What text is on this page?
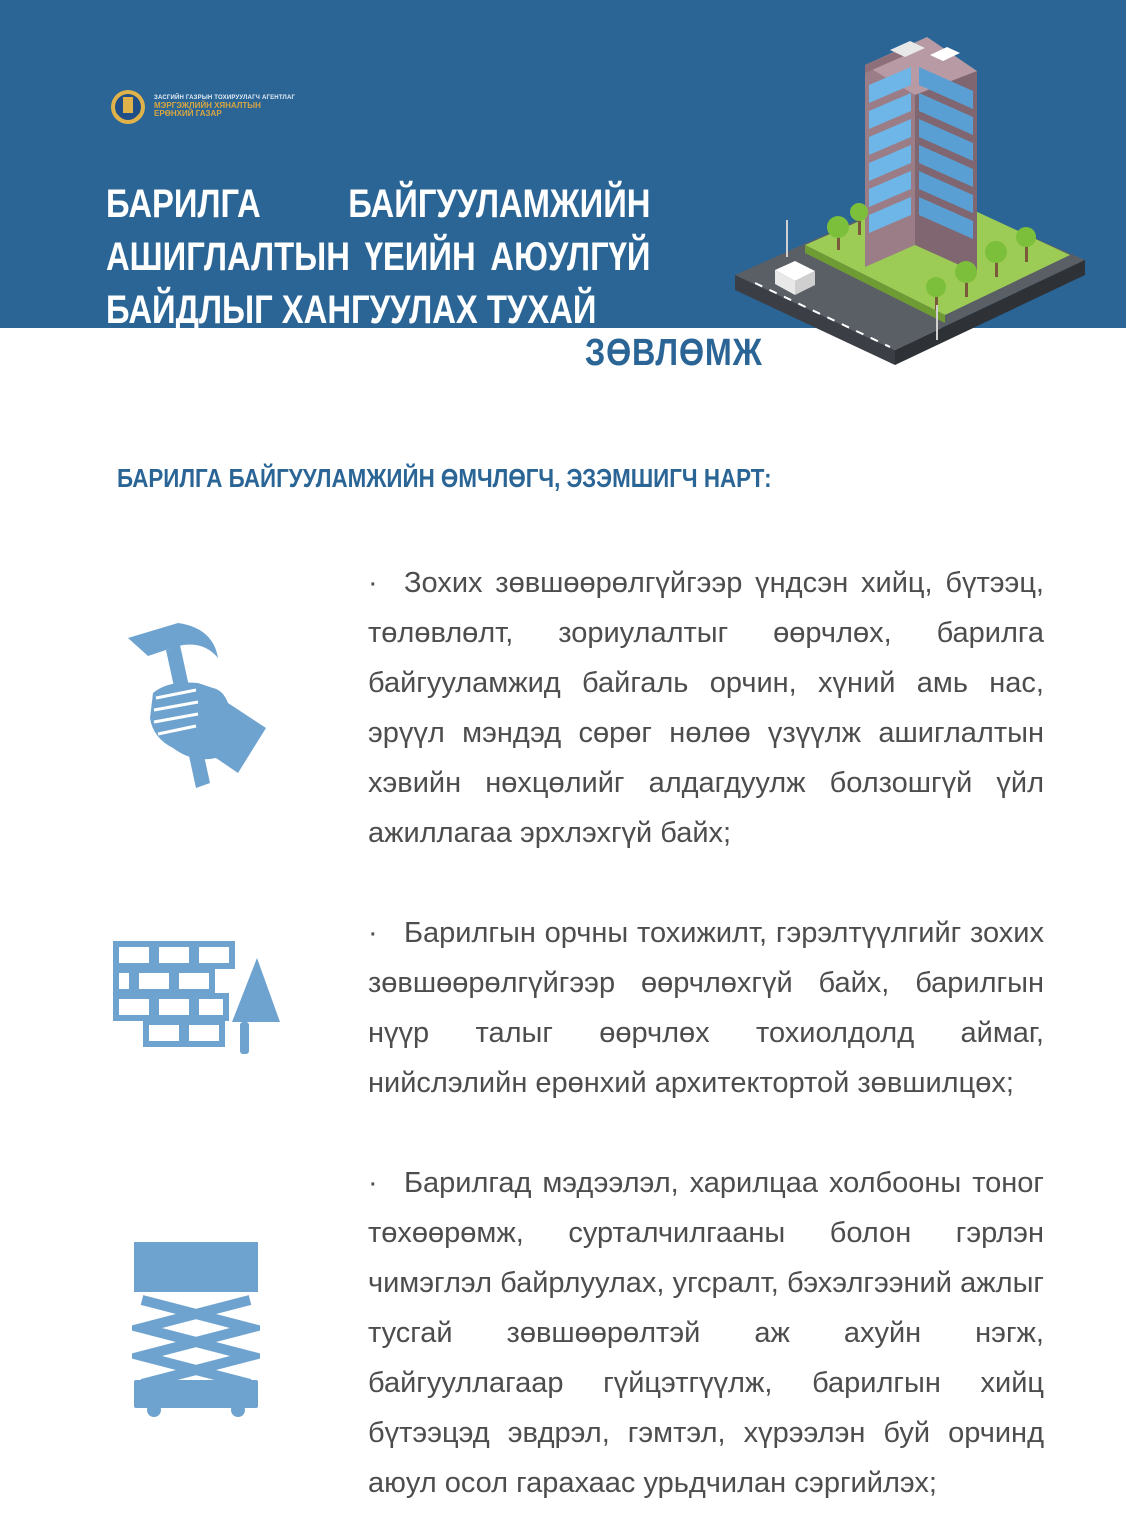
ЗАСГИЙН ГАЗРЫН ТОХИРУУЛАГЧ АГЕНТЛАГ
МЭРГЭЖЛИЙН ХЯНАЛТЫН
ЕРӨНХИЙ ГАЗАР

БАРИЛГА БАЙГУУЛАМЖИЙН АШИГЛАЛТЫН ҮЕИЙН АЮУЛГҮЙ БАЙДЛЫГ ХАНГУУЛАХ ТУХАЙ

ЗӨВЛӨМЖ

БАРИЛГА БАЙГУУЛАМЖИЙН ӨМЧЛӨГЧ, ЭЗЭМШИГЧ НАРТ:

· Зохих зөвшөөрөлгүйгээр үндсэн хийц, бүтээц, төлөвлөлт, зориулалтыг өөрчлөх, барилга байгууламжид байгаль орчин, хүний амь нас, эрүүл мэндэд сөрөг нөлөө үзүүлж ашиглалтын хэвийн нөхцөлийг алдагдуулж болзошгүй үйл ажиллагаа эрхлэхгүй байх;

· Барилгын орчны тохижилт, гэрэлтүүлгийг зохих зөвшөөрөлгүйгээр өөрчлөхгүй байх, барилгын нүүр талыг өөрчлөх тохиолдолд аймаг, нийслэлийн ерөнхий архитектортой зөвшилцөх;

· Барилгад мэдээлэл, харилцаа холбооны тоног төхөөрөмж, сурталчилгааны болон гэрлэн чимэглэл байрлуулах, угсралт, бэхэлгээний ажлыг тусгай зөвшөөрөлтэй аж ахуйн нэгж, байгууллагаар гүйцэтгүүлж, барилгын хийц бүтээцэд эвдрэл, гэмтэл, хүрээлэн буй орчинд аюул осол гарахаас урьдчилан сэргийлэх;
